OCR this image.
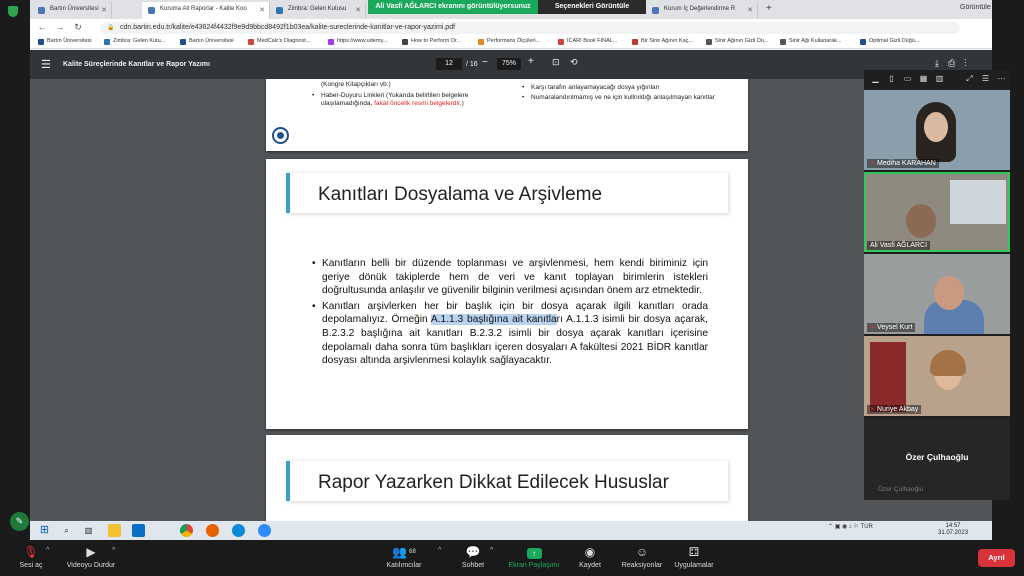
Bartın Üniversitesi ✕	Kuruma Ait Raporlar - Kalite Koo ✕	Zimbra: Gelen Kutusu ✕	Kurum İç Değerlendirme R ✕ +	Görüntüle
Ali Vasfi AĞLARCI ekranını görüntülüyorsunuz	Seçenekleri Görüntüle
← → ↻	🔒 cdn.bartin.edu.tr/kalite/e43624f4432f9e9d9bbcd8492f1b03ea/kalite-sureclerinde-kanitlar-ve-rapor-yazimi.pdf
Bartın Üniversitesi	Zimbra: Gelen Kutu...	Bartın Üniversitesi	MedCalc's Diagnost...	https://www.udemy...	How to Perform Or...	Performans Ölçüleri...	ICARI Book FINAL...	Bir Sinir Ağının Kaç...	Sinir Ağının Gizli Dü...	Sinir Ağı Kullanarak...	Optimal Gizli Düğü...
☰ Kalite Süreçlerinde Kanıtlar ve Rapor Yazımı	12	/ 16 −	75%	+ ⊡ ⟲	⤓⎙⋮
(Kongre Kitapçıkları vb.)
• Haber-Duyuru Linkleri (Yukarıda belirtilen belgelere ulaşılamadığında, fakat öncelik resmi belgelerdir.)
• Karşı tarafın anlayamayacağı dosya yığınları
• Numaralandırılmamış ve ne için kullnıldığı anlaşılmayan kanıtlar
Kanıtları Dosyalama ve Arşivleme
• Kanıtların belli bir düzende toplanması ve arşivlenmesi, hem kendi biriminiz için geriye dönük takiplerde hem de veri ve kanıt toplayan birimlerin istekleri doğrultusunda anlaşılır ve güvenilir bilginin verilmesi açısından önem arz etmektedir.
• Kanıtları arşivlerken her bir başlık için bir dosya açarak ilgili kanıtları orada depolamalıyız. Örneğin A.1.1.3 başlığına ait kanıtları A.1.1.3 isimli bir dosya açarak, B.2.3.2 başlığına ait kanıtları B.2.3.2 isimli bir dosya açarak kanıtları içerisine depolamalı daha sonra tüm başlıkları içeren dosyaları A fakültesi 2021 BİDR kanıtlar dosyası altında arşivlenmesi kolaylık sağlayacaktır.
Rapor Yazarken Dikkat Edilecek Hususlar
⊞	⌕	▥	⌃ ▣ ◉ ♪ ⚐ TUR	14:57
31.07.2023
▁	▯	▭ ▦ ▥	⤢ ☰ ⋯
✕ Mediha KARAHAN
Ali Vasfi AĞLARCI
✕ Veysel Kurt
✕ Nuriye Akbay
Özer Çulhaoğlu
Özer Çulhaoğlu
✎
🎙
Sesi aç
^	▶
Videoyu Durdur
^	👥 $^{68}$
Katılımcılar
^	💬
Sohbet
^	↑
Ekran Paylaşımı
◉
Kaydet
☺
Reaksiyonlar
⚃
Uygulamalar
Ayrıl
